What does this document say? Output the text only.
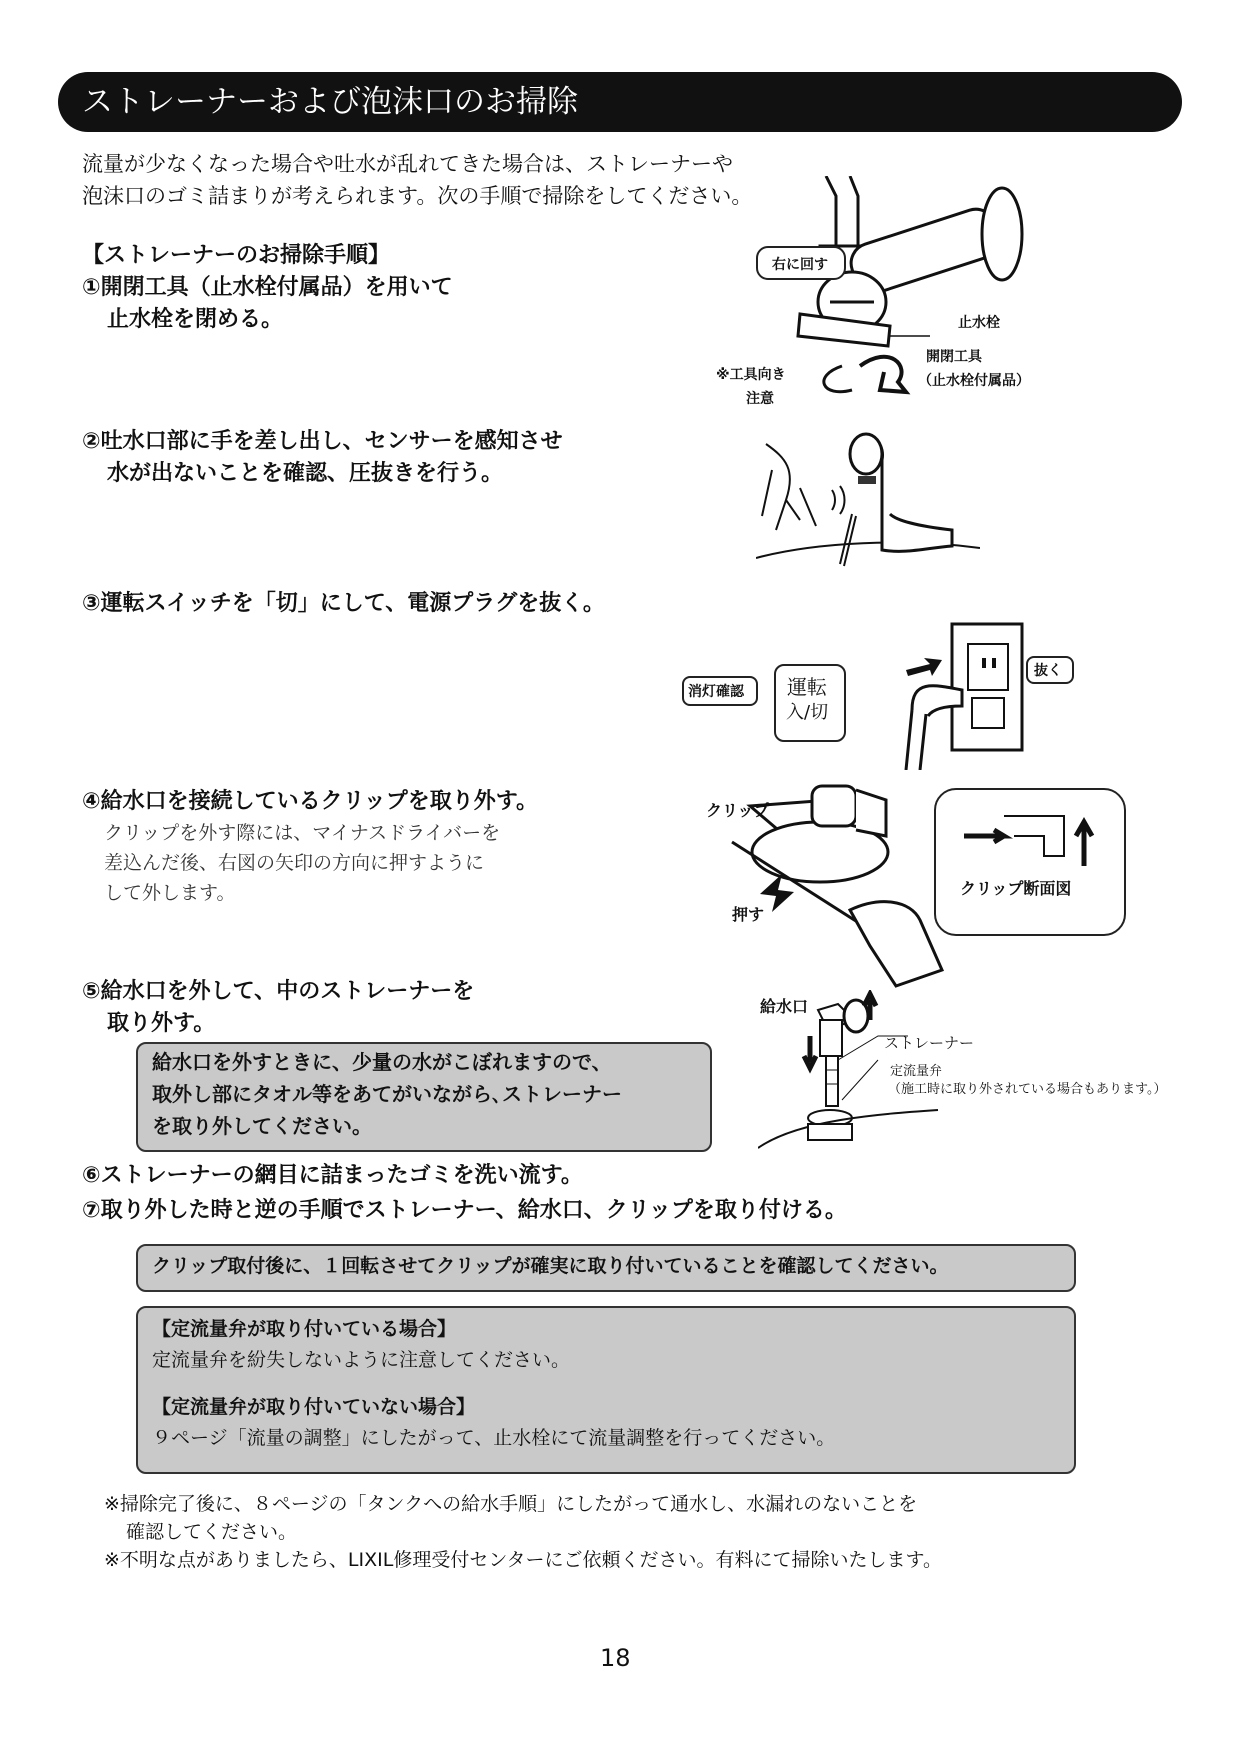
ストレーナーおよび泡沫口のお掃除
流量が少なくなった場合や吐水が乱れてきた場合は、ストレーナーや
泡沫口のゴミ詰まりが考えられます。次の手順で掃除をしてください。
【ストレーナーのお掃除手順】
①開閉工具（止水栓付属品）を用いて
止水栓を閉める。
②吐水口部に手を差し出し、センサーを感知させ
水が出ないことを確認、圧抜きを行う。
③運転スイッチを「切」にして、電源プラグを抜く。
④給水口を接続しているクリップを取り外す。
クリップを外す際には、マイナスドライバーを
差込んだ後、右図の矢印の方向に押すように
して外します。
⑤給水口を外して、中のストレーナーを
取り外す。
給水口を外すときに、少量の水がこぼれますので、
取外し部にタオル等をあてがいながら､ストレーナー
を取り外してください。
⑥ストレーナーの網目に詰まったゴミを洗い流す。
⑦取り外した時と逆の手順でストレーナー、給水口、クリップを取り付ける。
クリップ取付後に、１回転させてクリップが確実に取り付いていることを確認してください。
【定流量弁が取り付いている場合】
定流量弁を紛失しないように注意してください。
【定流量弁が取り付いていない場合】
９ページ「流量の調整」にしたがって、止水栓にて流量調整を行ってください。
※掃除完了後に、８ページの「タンクへの給水手順」にしたがって通水し、水漏れのないことを
確認してください。
※不明な点がありましたら、LIXIL修理受付センターにご依頼ください。有料にて掃除いたします。
18
右に回す
止水栓
開閉工具
（止水栓付属品）
※工具向き
注意
消灯確認 運転
入/切
抜く
クリップ
押す
クリップ断面図
給水口
ストレーナー
定流量弁
（施工時に取り外されている場合もあります。）
